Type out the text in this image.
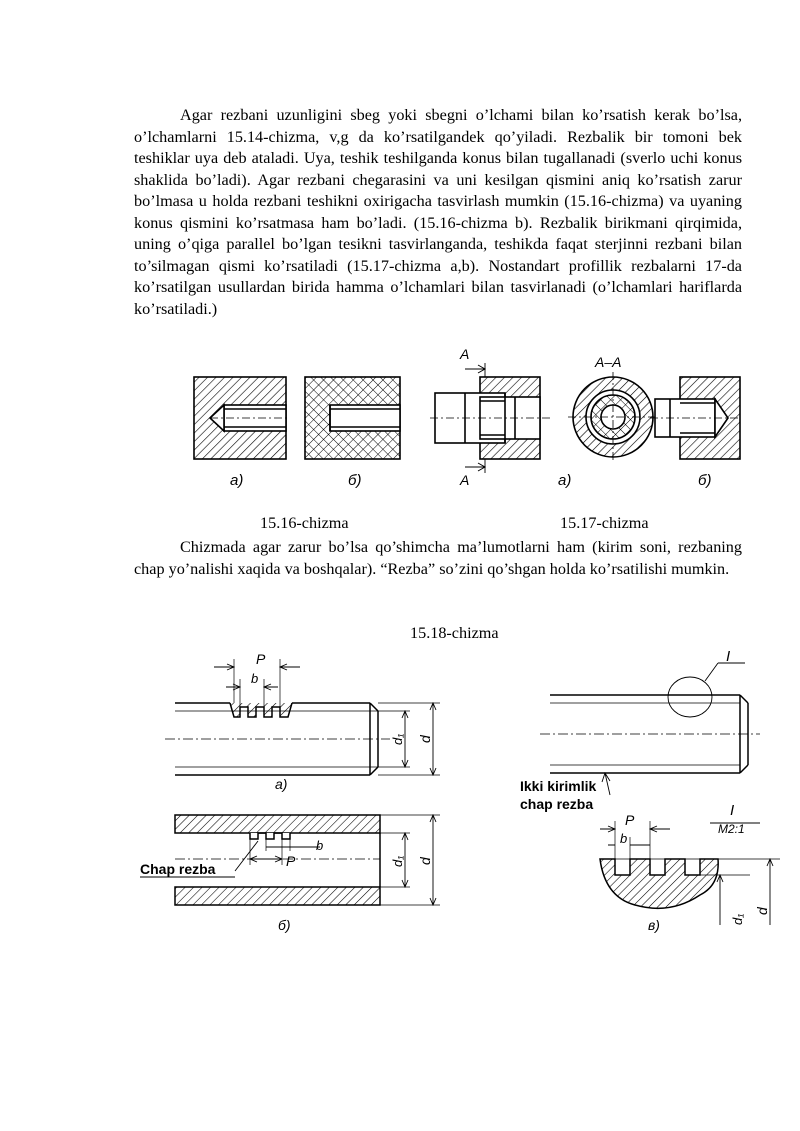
Agar rezbani uzunligini sbeg yoki sbegni o’lchami bilan ko’rsatish kerak bo’lsa, o’lchamlarni 15.14-chizma, v,g da ko’rsatilgandek qo’yiladi. Rezbalik bir tomoni bek teshiklar uya deb ataladi. Uya, teshik teshilganda konus bilan tugallanadi (sverlo uchi konus shaklida bo’ladi). Agar rezbani chegarasini va uni kesilgan qismini aniq ko’rsatish zarur bo’lmasa u holda rezbani teshikni oxirigacha tasvirlash mumkin (15.16-chizma) va uyaning konus qismini ko’rsatmasa ham bo’ladi. (15.16-chizma b). Rezbalik birikmani qirqimida, uning o’qiga parallel bo’lgan tesikni tasvirlanganda, teshikda faqat sterjinni rezbani bilan to’silmagan qismi ko’rsatiladi (15.17-chizma a,b). Nostandart profillik rezbalarni 17-da ko’rsatilgan usullardan birida hamma o’lchamlari bilan tasvirlanadi (o’lchamlari hariflarda ko’rsatiladi.)
a)	б)
A
A
A–A
a)	б)
15.16-chizma	15.17-chizma
Chizmada agar zarur bo’lsa qo’shimcha ma’lumotlarni ham (kirim soni, rezbaning chap yo’nalishi xaqida va boshqalar). “Rezba” so’zini qo’shgan holda ko’rsatilishi mumkin.
15.18-chizma
P
b
d₁ d
a)
Chap rezba
b
P	d₁ d
б)
I
Ikki kirimlik
chap rezba	I
M2:1
P
b
d₁
d
в)
